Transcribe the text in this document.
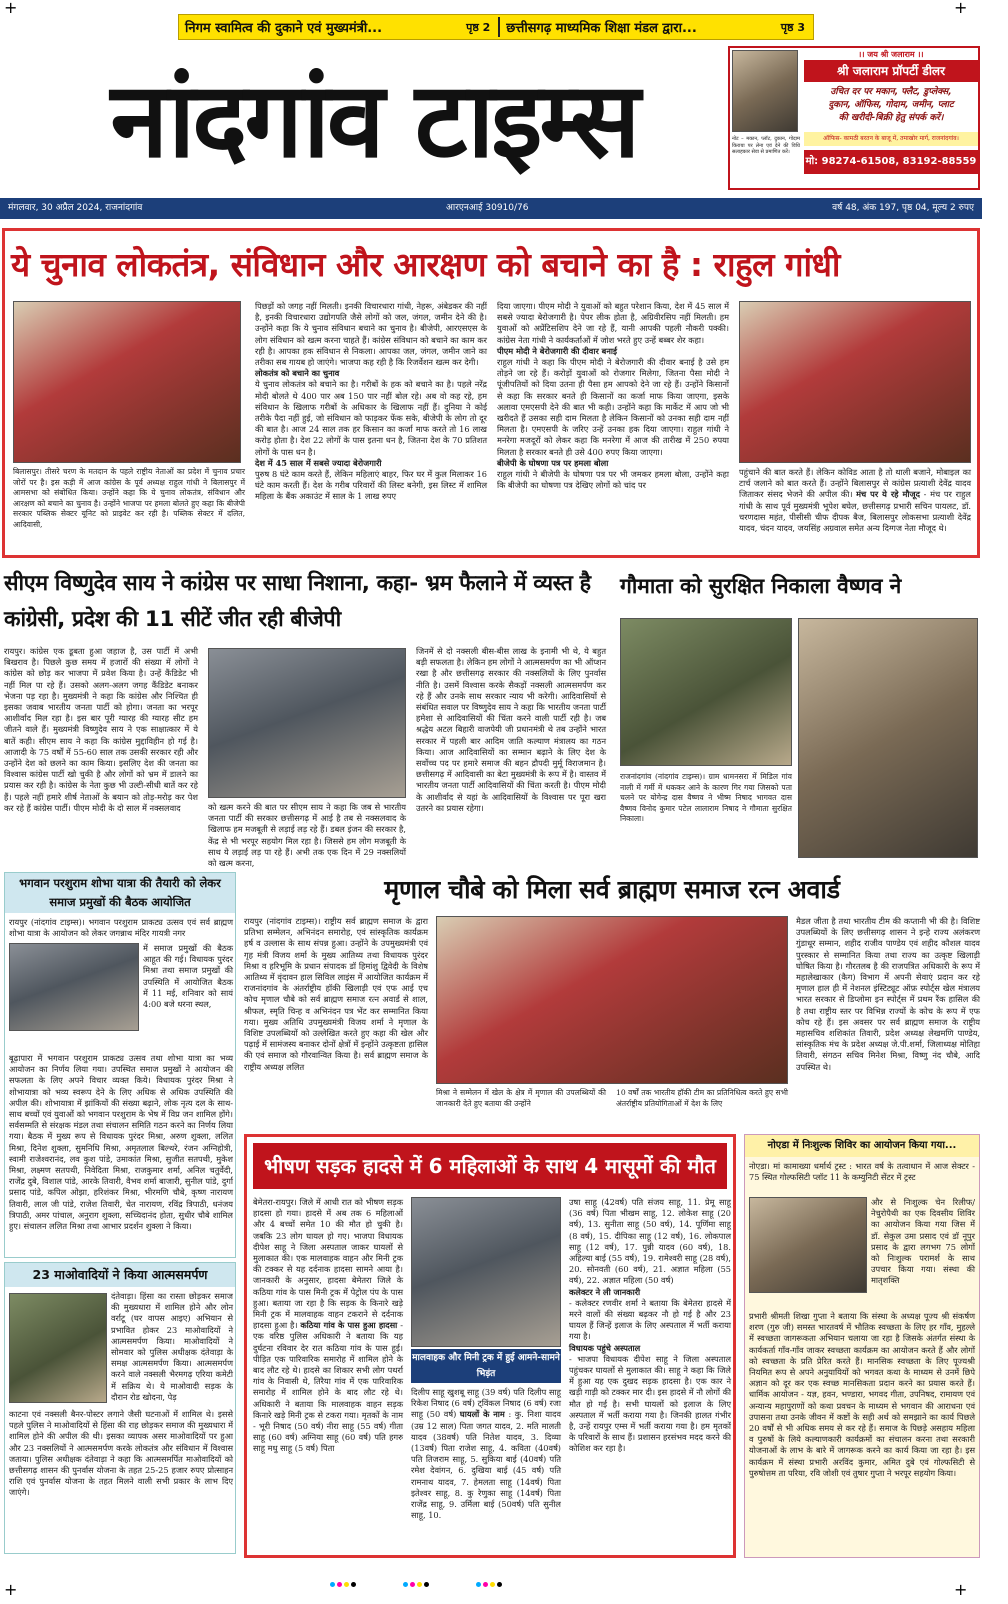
+	+
+	+
निगम स्वामित्व की दुकाने एवं मुख्यमंत्री...	पृष्ठ 2 छत्तीसगढ़ माध्यमिक शिक्षा मंडल द्वारा...	पृष्ठ 3
नांदगांव टाइम्स	नोट – मकान, प्लॉट, दुकान, गोदाम किराया पर लेना एवं देने की विधि सलाहकार सेवा से प्रमाणित करें।
।। जय श्री जलाराम ।।
श्री जलाराम प्रॉपर्टी डीलर
उचित दर पर मकान, फ्लैट, डुप्लेक्स,
दुकान, ऑफिस, गोदाम, जमीन, प्लाट
की खरीदी-बिक्री हेतु संपर्क करें।
ऑफिस- कामठी बरतन के बाजू में, तमाखोर मार्ग, राजनांदगांव।
मो: 98274-61508, 83192-88559
मंगलवार, 30 अप्रैल 2024, राजनांदगांव	आरएनआई 30910/76	वर्ष 48, अंक 197, पृष्ठ 04, मूल्य 2 रुपए
ये चुनाव लोकतंत्र, संविधान और आरक्षण को बचाने का है : राहुल गांधी
बिलासपुर। तीसरे चरण के मतदान के पहले राष्ट्रीय नेताओं का प्रदेश में चुनाव प्रचार जोरों पर है। इस कड़ी में आज कांग्रेस के पूर्व अध्यक्ष राहुल गांधी ने बिलासपुर में आमसभा को संबोधित किया। उन्होंने कहा कि ये चुनाव लोकतंत्र, संविधान और आरक्षण को बचाने का चुनाव है। उन्होंने भाजपा पर हमला बोलते हुए कहा कि बीजेपी सरकार पब्लिक सेक्टर यूनिट को प्राइवेट कर रही है। पब्लिक सेक्टर में दलित, आदिवासी,
पिछड़ों को जगह नहीं मिलती। इनकी विचारधारा गांधी, नेहरू, अंबेडकर की नहीं है, इनकी विचारधारा उद्योगपति जैसे लोगों को जल, जंगल, जमीन देने की है। उन्होंने कहा कि ये चुनाव संविधान बचाने का चुनाव है। बीजेपी, आरएसएस के लोग संविधान को खत्म करना चाहते हैं। कांग्रेस संविधान को बचाने का काम कर रही है। आपका हक संविधान से निकला। आपका जल, जंगल, जमीन जाने का तरीका सब गायब हो जाएंगे। भाजपा कह रही है कि रिजर्वेशन खत्म कर देगी।
लोकतंत्र को बचाने का चुनाव
ये चुनाव लोकतंत्र को बचाने का है। गरीबों के हक को बचाने का है। पहले नरेंद्र मोदी बोलते थे 400 पार अब 150 पार नहीं बोल रहे। अब वो कह रहे, हम संविधान के खिलाफ गरीबों के अधिकार के खिलाफ नहीं हैं। दुनिया ने कोई तरीके पैदा नहीं हुई, जो संविधान को फाड़कर फेंक सके, बीजेपी के लोग तो दूर की बात है। आज 24 साल तक हर किसान का कर्जा माफ करते तो 16 लाख करोड़ होता है। देश 22 लोगों के पास इतना धन है, जितना देश के 70 प्रतिशत लोगों के पास धन है।
देश में 45 साल में सबसे ज्यादा बेरोजगारी
पुरुष 8 घंटे काम करते हैं, लेकिन महिलाएं बाहर, फिर घर में कुल मिलाकर 16 घंटे काम करती हैं। देश के गरीब परिवारों की लिस्ट बनेगी, इस लिस्ट में शामिल महिला के बैंक अकाउंट में साल के 1 लाख रुपए
दिया जाएगा। पीएम मोदी ने युवाओं को बहुत परेशान किया, देश में 45 साल में सबसे ज्यादा बेरोजगारी है। पेपर लीक होता है, अग्रिवीरसिप नहीं मिलती। हम युवाओं को अप्रेंटिसशिप देने जा रहे हैं, यानी आपकी पहली नौकरी पक्की। कांग्रेस नेता गांधी ने कार्यकर्ताओं में जोश भरते हुए उन्हें बब्बर शेर कहा।
पीएम मोदी ने बेरोजगारी की दीवार बनाई
राहुल गांधी ने कहा कि पीएम मोदी ने बेरोजगारी की दीवार बनाई है उसे हम तोड़ने जा रहे हैं। करोड़ों युवाओं को रोजगार मिलेगा, जितना पैसा मोदी ने पूंजीपतियों को दिया उतना ही पैसा हम आपको देने जा रहे हैं। उन्होंने किसानों से कहा कि सरकार बनते ही किसानों का कर्जा माफ किया जाएगा, इसके अलावा एमएसपी देने की बात भी कही। उन्होंने कहा कि मार्केट में आप जो भी खरीदते हैं उसका सही दाम मिलता है लेकिन किसानों को उनका सही दाम नहीं मिलता है। एमएसपी के जरिए उन्हें उनका हक दिया जाएगा। राहुल गांधी ने मनरेगा मजदूरों को लेकर कहा कि मनरेगा में आज की तारीख में 250 रुपया मिलता है सरकार बनते ही उसे 400 रुपए किया जाएगा।
बीजेपी के घोषणा पत्र पर हमला बोला
राहुल गांधी ने बीजेपी के घोषणा पत्र पर भी जमकर हमला बोला, उन्होंने कहा कि बीजेपी का घोषणा पत्र देखिए लोगों को चांद पर
पहुंचाने की बात करते हैं। लेकिन कोविड आता है तो थाली बजाने, मोबाइल का टार्च जलाने को बात करते हैं। उन्होंने बिलासपुर से कांग्रेस प्रत्याशी देवेंद्र यादव जिताकर संसद भेजने की अपील की। मंच पर ये रहे मौजूद - मंच पर राहुल गांधी के साथ पूर्व मुख्यमंत्री भूपेश बघेल, छत्तीसगढ़ प्रभारी सचिन पायलट, डॉ. चरणदास महंत, पीसीसी चीफ दीपक बैज, बिलासपुर लोकसभा प्रत्याशी देवेंद्र यादव, चंदन यादव, जयसिंह अग्रवाल समेत अन्य दिग्गज नेता मौजूद थे।
सीएम विष्णुदेव साय ने कांग्रेस पर साधा निशाना, कहा- भ्रम फैलाने में व्यस्त है कांग्रेसी, प्रदेश की 11 सीटें जीत रही बीजेपी
रायपुर। कांग्रेस एक डूबता हुआ जहाज है, उस पार्टी में अभी बिखराव है। पिछले कुछ समय में हजारों की संख्या में लोगों ने कांग्रेस को छोड़ कर भाजपा में प्रवेश किया है। उन्हें कैंडिडेट भी नहीं मिल पा रहे हैं। उसको अलग-अलग जगह कैंडिडेट बनाकर भेजना पड़ रहा है। मुख्यमंत्री ने कहा कि कांग्रेस और निश्चित ही इसका जवाब भारतीय जनता पार्टी को होगा। जनता का भरपूर आशीर्वाद मिल रहा है। इस बार पूरी ग्यारह की ग्यारह सीट हम जीतने वाले हैं। मुख्यमंत्री विष्णुदेव साय ने एक साक्षात्कार में ये बातें कही। सीएम साय ने कहा कि कांग्रेस मुद्दाविहीन हो गई है। आजादी के 75 वर्षों में 55-60 साल तक उसकी सरकार रही और उन्होंने देश को छलने का काम किया। इसलिए देश की जनता का विश्वास कांग्रेस पार्टी खो चुकी है और लोगों को भ्रम में डालने का प्रयास कर रही है। कांग्रेस के नेता कुछ भी उल्टी-सीधी बातें कर रहे हैं। पहले नहीं हमारे शीर्ष नेताओं के बयान को तोड़-मरोड़ कर पेश कर रहे हैं कांग्रेस पार्टी। पीएम मोदी के दो साल में नक्सलवाद	को खत्म करने की बात पर सीएम साय ने कहा कि जब से भारतीय जनता पार्टी की सरकार छत्तीसगढ़ में आई है तब से नक्सलवाद के खिलाफ हम मजबूती से लड़ाई लड़ रहे हैं। डबल इंजन की सरकार है, केंद्र से भी भरपूर सहयोग मिल रहा है। जिससे हम लोग मजबूती के साथ ये लड़ाई लड़ पा रहे हैं। अभी तक एक दिन में 29 नक्सलियों को खत्म करना,
जिनमें से दो नक्सली बीस-बीस लाख के इनामी भी थे, ये बहुत बड़ी सफलता है। लेकिन हम लोगों ने आत्मसमर्पण का भी ऑप्शन रखा है और छत्तीसगढ़ सरकार की नक्सलियों के लिए पुनर्वास नीति है। उसमें विश्वास करके सैकड़ों नक्सली आत्मसमर्पण कर रहे हैं और उनके साथ सरकार न्याय भी करेगी। आदिवासियों से संबंधित सवाल पर विष्णुदेव साय ने कहा कि भारतीय जनता पार्टी हमेशा से आदिवासियों की चिंता करने वाली पार्टी रही है। जब श्रद्धेय अटल बिहारी वाजपेयी जी प्रधानमंत्री थे तब उन्होंने भारत सरकार में पहली बार आदिम जाति कल्याण मंत्रालय का गठन किया। आज आदिवासियों का सम्मान बढ़ाने के लिए देश के सर्वोच्च पद पर हमारे समाज की बहन द्रौपदी मुर्मू विराजमान है। छत्तीसगढ़ में आदिवासी का बेटा मुख्यमंत्री के रूप में है। वास्तव में भारतीय जनता पार्टी आदिवासियों की चिंता करती है। पीएम मोदी के आशीर्वाद से यहां के आदिवासियों के विश्वास पर पूरा खरा उतरने का प्रयास रहेगा।
गौमाता को सुरक्षित निकाला वैष्णव ने
राजनांदगांव (नांदगांव टाइम्स)। ग्राम धामनसरा में मिडिल गांव नाली में गर्मी में थककर आने के कारण गिर गया जिसको पता चलने पर योगेन्द्र दास वैष्णव ने भीष्म निषाद भागवत दास वैष्णव विनोद कुमार पटेल लालाराम निषाद ने गौमाता सुरक्षित निकाला।
भगवान परशुराम शोभा यात्रा की तैयारी को लेकर समाज प्रमुखों की बैठक आयोजित
रायपुर (नांदगांव टाइम्स)। भगवान परशुराम प्राकट्य उत्सव एवं सर्व ब्राह्मण शोभा यात्रा के आयोजन को लेकर जगन्नाथ मंदिर गायत्री नगर
में समाज प्रमुखों की बैठक आहूत की गई। विधायक पुरंदर मिश्रा तथा समाज प्रमुखों की उपस्थिति में आयोजित बैठक में 11 मई, शनिवार को सायं 4:00 बजे धरना स्थल,
बूढ़ापारा में भगवान परशुराम प्राकट्य उत्सव तथा शोभा यात्रा का भव्य आयोजन का निर्णय लिया गया। उपस्थित समाज प्रमुखों ने आयोजन की सफलता के लिए अपने विचार व्यक्त किये। विधायक पुरंदर मिश्रा ने शोभायात्रा को भव्य स्वरूप देने के लिए अधिक से अधिक उपस्थिति की अपील की। शोभायात्रा में झांकियों की संख्या बढ़ाने, लोक नृत्य दल के साथ-साथ बच्चों एवं युवाओं को भगवान परशुराम के भेष में विप्र जन शामिल होंगे। सर्वसम्मति से संरक्षक मंडल तथा संचालन समिति गठन करने का निर्णय लिया गया। बैठक में मुख्य रूप से विधायक पुरंदर मिश्रा, अरुण शुक्ला, ललित मिश्रा, दिनेश शुक्ला, सुमनिधि मिश्रा, अमृतलाल बिल्थरे, रंजन अग्निहोत्री, स्वामी राजेश्वरानंद, लव कुश पांडे, उमाकांत मिश्रा, सुजीत सतपथी, मुकेश मिश्रा, लक्ष्मण सतपथी, निवेदिता मिश्रा, राजकुमार शर्मा, अनिल चतुर्वेदी, राजेंद्र दुबे, विशाल पांडे, आरके तिवारी, वैभव शर्मा बाजारी, सुनील पांडे, दुर्गा प्रसाद पांडे, कपिल ओझा, हरिशंकर मिश्रा, भीरमणि चौबे, कृष्ण नारायण तिवारी, लाल जी पांडे, राजेश तिवारी, चेत नारायण, रविंद्र त्रिपाठी, धनंजय त्रिपाठी, अमर पांचाल, अनुराग शुक्ला, सच्चिदानंद होता, सुधीर चौबे शामिल हुए। संचालन ललित मिश्रा तथा आभार प्रदर्शन शुक्ला ने किया।
23 माओवादियों ने किया आत्मसमर्पण
दंतेवाड़ा। हिंसा का रास्ता छोड़कर समाज की मुख्यधारा में शामिल होने और लोन वर्राटू (घर वापस आइए) अभियान से प्रभावित होकर 23 माओवादियों ने आत्मसमर्पण किया। माओवादियों ने सोमवार को पुलिस अधीक्षक दंतेवाड़ा के समक्ष आत्मसमर्पण किया। आत्मसमर्पण करने वाले नक्सली भैरमगढ़ एरिया कमेटी में सक्रिय थे। ये माओवादी सड़क के दौरान रोड खोदना, पेड़
काटना एवं नक्सली बैनर-पोस्टर लगाने जैसी घटनाओं में शामिल थे। इससे पहले पुलिस ने माओवादियों से हिंसा की राह छोड़कर समाज की मुख्यधारा में शामिल होने की अपील की थी। इसका व्यापक असर माओवादियों पर हुआ और 23 नक्सलियों ने आत्मसमर्पण करके लोकतंत्र और संविधान में विश्वास जताया। पुलिस अधीक्षक दंतेवाड़ा ने कहा कि आत्मसमर्पित माओवादियों को छत्तीसगढ़ शासन की पुनर्वास योजना के तहत 25-25 हजार रुपए प्रोत्साहन राशि एवं पुनर्वास योजना के तहत मिलने वाली सभी प्रकार के लाभ दिए जाएंगे।
मृणाल चौबे को मिला सर्व ब्राह्मण समाज रत्न अवार्ड
रायपुर (नांदगांव टाइम्स)। राष्ट्रीय सर्व ब्राह्मण समाज के द्वारा प्रतिभा सम्मेलन, अभिनंदन समारोह, एवं सांस्कृतिक कार्यक्रम हर्ष व उल्लास के साथ संपन्न हुआ। उन्होंने के उपमुख्यमंत्री एवं गृह मंत्री विजय शर्मा के मुख्य आतिथ्य तथा विधायक पुरंदर मिश्रा व हरिभूमि के प्रधान संपादक डॉ हिमांशु द्विवेदी के विशेष आतिथ्य में वृंदावन हाल सिविल लाइंस में आयोजित कार्यक्रम में राजनांदगांव के अंतर्राष्ट्रीय हॉकी खिलाड़ी एवं एफ आई एच कोच मृणाल चौबे को सर्व ब्राह्मण समाज रत्न अवार्ड से शाल, श्रीफल, स्मृति चिन्ह व अभिनंदन पत्र भेंट कर सम्मानित किया गया। मुख्य अतिथि उपमुख्यमंत्री विजय शर्मा ने मृणाल के विशिष्ट उपलब्धियों को उल्लेखित करते हुए कहा की खेल और पढ़ाई में सामंजस्य बनाकर दोनों क्षेत्रों में इन्होंने उत्कृष्टता हासिल की एवं समाज को गौरवान्वित किया है। सर्व ब्राह्मण समाज के राष्ट्रीय अध्यक्ष ललित
मिश्रा ने सम्मेलन में खेल के क्षेत्र में मृणाल की उपलब्धियों की जानकारी देते हुए बताया की उन्होंने
10 वर्षों तक भारतीय हॉकी टीम का प्रतिनिधित्व करते हुए सभी अंतर्राष्ट्रीय प्रतियोगिताओं में देश के लिए
मैडल जीता है तथा भारतीय टीम की कप्तानी भी की है। विशिष्ट उपलब्धियों के लिए छत्तीसगढ़ शासन ने इन्हे राज्य अलंकरण गुंडाधूर सम्मान, शहीद राजीव पाण्डेय एवं शहीद कौशल यादव पुरस्कार से सम्मानित किया तथा राज्य का उत्कृष्ट खिलाड़ी घोषित किया है। गौरतलब है की राजपत्रित अधिकारी के रूप में महालेखाकार (कैग) विभाग में अपनी सेवाएं प्रदान कर रहे मृणाल हाल ही में नेशनल इंस्टिट्यूट ऑफ़ स्पोर्ट्स खेल मंत्रालय भारत सरकार से डिप्लोमा इन स्पोर्ट्स में प्रथम रैंक हासिल की है तथा राष्ट्रीय स्तर पर विभिन्न राज्यों के कोच के रूप में एफ कोच रहे हैं। इस अवसर पर सर्व ब्राह्मण समाज के राष्ट्रीय महासचिव शशिकांत तिवारी, प्रदेश अध्यक्ष लेखमणि पाण्डेय, सांस्कृतिक मंच के प्रदेश अध्यक्ष जे.पी.शर्मा, जिलाध्यक्ष मोतिहा तिवारी, संगठन सचिव मिनेश मिश्रा, विष्णु नंद चौबे, आदि उपस्थित थे।
भीषण सड़क हादसे में 6 महिलाओं के साथ 4 मासूमों की मौत
बेमेतरा-रायपुर। जिले में आधी रात को भीषण सड़क हादसा हो गया। हादसे में अब तक 6 महिलाओं और 4 बच्चों समेत 10 की मौत हो चुकी है। जबकि 23 लोग घायल हो गए। भाजपा विधायक दीपेश साहू ने जिला अस्पताल जाकर घायलों से मुलाकात की। एक मालवाहक वाहन और मिनी ट्रक की टक्कर से यह दर्दनाक हादसा सामने आया है। जानकारी के अनुसार, हादसा बेमेतरा जिले के कठिया गांव के पास मिनी ट्रक में पेट्रोल पंप के पास हुआ। बताया जा रहा है कि सड़क के किनारे खड़े मिनी ट्रक में मालवाहक वाहन टकराने से दर्दनाक हादसा हुआ है। कठिया गांव के पास हुआ हादसा - एक वरिष्ठ पुलिस अधिकारी ने बताया कि यह दुर्घटना रविवार देर रात कठिया गांव के पास हुई। पीड़ित एक पारिवारिक समारोह में शामिल होने के बाद लौट रहे थे। हादसे का शिकार सभी लोग पथर्रा गांव के निवासी थे, तिरैया गांव में एक पारिवारिक समारोह में शामिल होने के बाद लौट रहे थे। अधिकारी ने बताया कि मालवाहक वाहन सड़क किनारे खड़े मिनी ट्रक से टकरा गया। मृतकों के नाम - भूरी निषाद (50 वर्ष) नीरा साहू (55 वर्ष) गीता साहू (60 वर्ष) अग्निया साहू (60 वर्ष) पति हगरु साहू मधु साहू (5 वर्ष) पिता
मालवाहक और मिनी ट्रक में हुई आमने-सामने भिड़ंत
दिलीप साहू खुशबू साहू (39 वर्ष) पति दिलीप साहू रिकेश निषाद (6 वर्ष) ट्विंकल निषाद (6 वर्ष) रजा साहू (50 वर्ष) घायलों के नाम : कु. निशा यादव (उम्र 12 साल) पिता जगत यादव, 2. मति मालती यादव (38वर्ष) पति नितेश यादव, 3. दिव्या (13वर्ष) पिता राजेश साहू, 4. कविता (40वर्ष) पति तिजराम साहू, 5. सुकिया बाई (40वर्ष) पति रमेश देवांगन, 6. दुखिया बाई (45 वर्ष) पति रामनाथ यादव, 7. हेमलता साहू (14वर्ष) पिता इतेश्वर साहू, 8. कु रेणुका साहू (14वर्ष) पिता राजेंद्र साहू, 9. उर्मिला बाई (50वर्ष) पति सुनील साहू, 10.
उषा साहू (42वर्ष) पति संजय साहू, 11. प्रेमू साहू (36 वर्ष) पिता भीखम साहू, 12. लोकेश साहू (20 वर्ष), 13. सुनीता साहू (50 वर्ष), 14. पूर्णिमा साहू (8 वर्ष), 15. दीपिका साहू (12 वर्ष), 16. लोकपाल साहू (12 वर्ष), 17. पुन्नी यादव (60 वर्ष), 18. अहिल्या बाई (55 वर्ष), 19. रामेश्वरी साहू (28 वर्ष), 20. सोनवती (60 वर्ष), 21. अज्ञात महिला (55 वर्ष), 22. अज्ञात महिला (50 वर्ष)
कलेक्टर ने ली जानकारी
- कलेक्टर रणवीर शर्मा ने बताया कि बेमेतरा हादसे में मरने वालों की संख्या बढ़कर नौ हो गई है और 23 घायल हैं जिन्हें इलाज के लिए अस्पताल में भर्ती कराया गया है।
विधायक पहुंचे अस्पताल
- भाजपा विधायक दीपेश साहू ने जिला अस्पताल पहुंचकर घायलों से मुलाकात की। साहू ने कहा कि जिले में हुआ यह एक दुखद सड़क हादसा है। एक कार ने खड़ी गाड़ी को टक्कर मार दी। इस हादसे में नौ लोगों की मौत हो गई है। सभी घायलों को इलाज के लिए अस्पताल में भर्ती कराया गया है। जिनकी हालत गंभीर है, उन्हें रायपुर एम्स में भर्ती कराया गया है। हम मृतकों के परिवारों के साथ हैं। प्रशासन हरसंभव मदद करने की कोशिश कर रहा है।
नोएडा में निःशुल्क शिविर का आयोजन किया गया...
नोएडा। मां कामाख्या धर्मार्थ ट्रस्ट : भारत वर्ष के तत्वाधान में आज सेक्टर - 75 स्थित गोल्फसिटी प्लॉट 11 के कम्युनिटी सेंटर में ट्रस्ट
और से निःशुल्क चेन रिलीफ/नेचुरोपैथी का एक दिवसीय शिविर का आयोजन किया गया जिस में डॉ. सेकुल उमा प्रसाद एवं डॉ नूपुर प्रसाद के द्वारा लगभग 75 लोगों को निःशुल्क परामर्श के साथ उपचार किया गया। संस्था की मातृशक्ति
प्रभारी श्रीमती शिखा गुप्ता ने बताया कि संस्था के अध्यक्ष पूज्य श्री संकर्षण शरण (गुरु जी) समस्त भारतवर्ष में भौतिक स्वच्छता के लिए हर गाँव, मुहल्ले में स्वच्छता जागरूकता अभियान चलाया जा रहा है जिसके अंतर्गत संस्था के कार्यकर्ता गाँव-गाँव जाकर स्वच्छता कार्यक्रम का आयोजन करते हैं और लोगों को स्वच्छता के प्रति प्रेरित करते हैं। मानसिक स्वच्छता के लिए पूज्यश्री नियमित रूप से अपने अनुयायियों को भगवत कथा के माध्यम से उनमें छिपे अज्ञान को दूर कर एक स्वच्छ मानसिकता प्रदान करने का प्रयास करते हैं। धार्मिक आयोजन - यज्ञ, हवन, भण्डारा, भगवद गीता, उपनिषद, रामायण एवं अन्यान्य महापुराणों को कथा प्रवचन के माध्यम से भगवान की आराधना एवं उपासना तथा उनके जीवन में कष्टों के सही अर्थ को समझाने का कार्य पिछले 20 वर्षों से भी अधिक समय से कर रहे हैं। समाज के पिछड़े असहाय महिला व पुरुषों के लिये कल्याणकारी कार्यक्रमों का संचालन करना तथा सरकारी योजनाओं के लाभ के बारे में जागरूक करने का कार्य किया जा रहा है। इस कार्यक्रम में संस्था प्रभारी अरविंद कुमार, अमित दुबे एवं गोल्फसिटी से पुरुषोत्तम ता परिया, रवि जोशी एवं तुषार गुप्ता ने भरपूर सहयोग किया।
